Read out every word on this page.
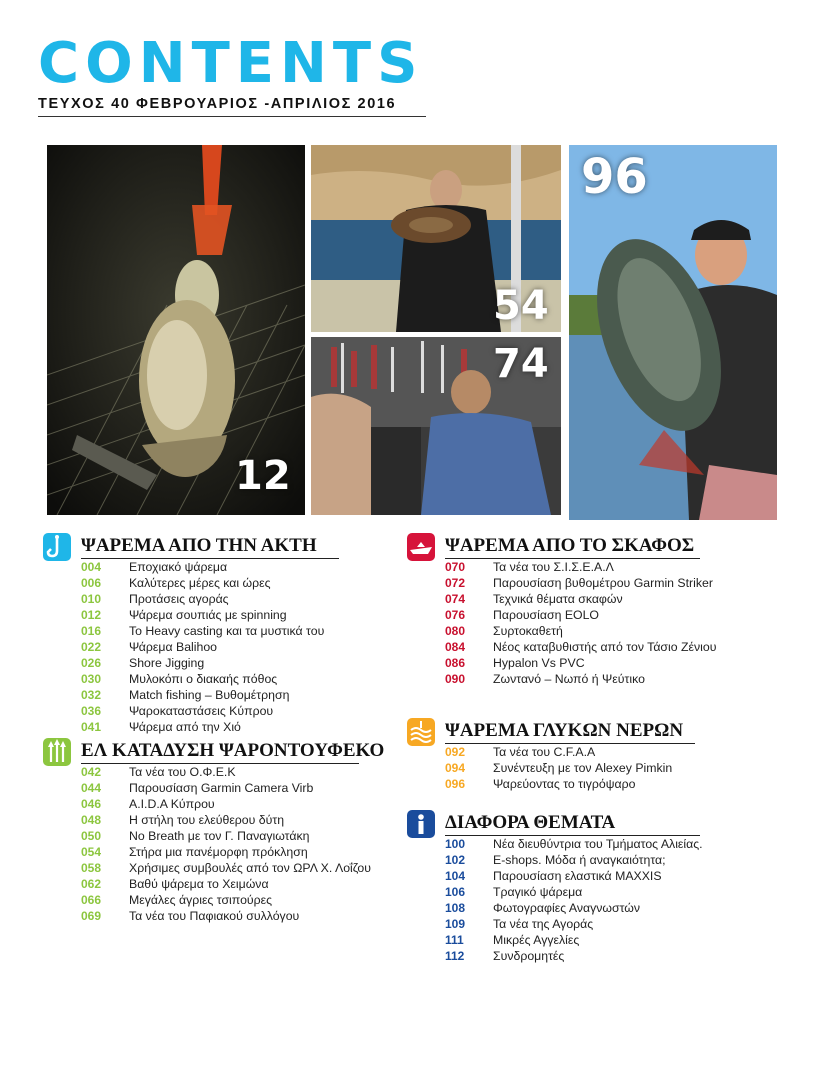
CONTENTS
ΤΕΥΧΟΣ 40 ΦΕΒΡΟΥΑΡΙΟΣ -ΑΠΡΙΛΙΟΣ 2016
12
54
74
96
ΨΑΡΕΜΑ ΑΠΟ ΤΗΝ ΑΚΤΗ
004 Εποχιακό ψάρεμα
006 Καλύτερες μέρες και ώρες
010 Προτάσεις αγοράς
012 Ψάρεμα σουπιάς με spinning
016 Το Heavy casting και τα μυστικά του
022 Ψάρεμα Balihoo
026 Shore Jigging
030 Μυλοκόπι ο διακαής πόθος
032 Match fishing – Βυθομέτρηση
036 Ψαροκαταστάσεις Κύπρου
041 Ψάρεμα από την Χιό
ΕΛ ΚΑΤΑΔΥΣΗ ΨΑΡΟΝΤΟΥΦΕΚΟ
042 Τα νέα του Ο.Φ.Ε.Κ
044 Παρουσίαση Garmin Camera Virb
046 A.I.D.A Κύπρου
048 Η στήλη του ελεύθερου δύτη
050 No Breath με τον Γ. Παναγιωτάκη
054 Στήρα μια πανέμορφη πρόκληση
058 Χρήσιμες συμβουλές από τον ΩΡΛ Χ. Λοΐζου
062 Βαθύ ψάρεμα το Χειμώνα
066 Μεγάλες άγριες τσιπούρες
069 Τα νέα του Παφιακού συλλόγου
ΨΑΡΕΜΑ ΑΠΟ ΤΟ ΣΚΑΦΟΣ
070 Τα νέα του Σ.Ι.Σ.Ε.Α.Λ
072 Παρουσίαση βυθομέτρου Garmin Striker
074 Τεχνικά θέματα σκαφών
076 Παρουσίαση EOLO
080 Συρτοκαθετή
084 Νέος καταβυθιστής από τον Τάσιο Ζένιου
086 Hypalon Vs PVC
090 Ζωντανό – Νωπό ή Ψεύτικο
ΨΑΡΕΜΑ ΓΛΥΚΩΝ ΝΕΡΩΝ
092 Τα νέα του C.F.A.A
094 Συνέντευξη με τον Alexey Pimkin
096 Ψαρεύοντας το τιγρόψαρο
ΔΙΑΦΟΡΑ ΘΕΜΑΤΑ
100 Νέα διευθύντρια του Τμήματος Αλιείας.
102 E-shops. Μόδα ή αναγκαιότητα;
104 Παρουσίαση ελαστικά MAXXIS
106 Τραγικό ψάρεμα
108 Φωτογραφίες Αναγνωστών
109 Τα νέα της Αγοράς
111 Μικρές Αγγελίες
112 Συνδρομητές
